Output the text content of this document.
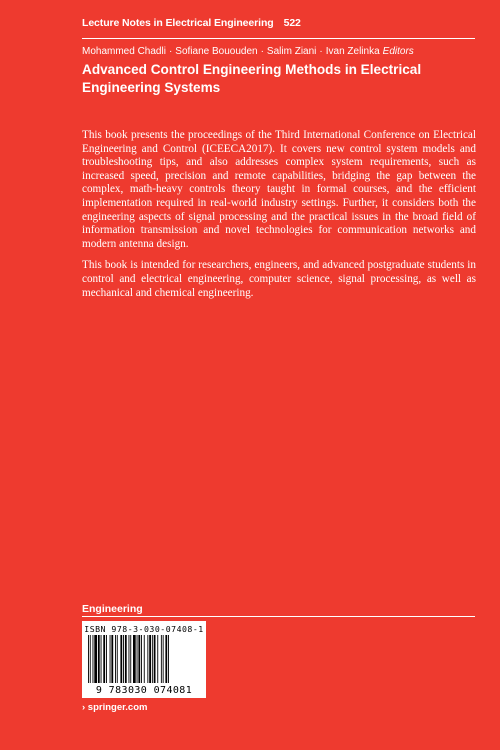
Lecture Notes in Electrical Engineering 522
Mohammed Chadli · Sofiane Bououden · Salim Ziani · Ivan Zelinka Editors
Advanced Control Engineering Methods in Electrical Engineering Systems

This book presents the proceedings of the Third International Conference on Electrical Engineering and Control (ICEECA2017). It covers new control system models and troubleshooting tips, and also addresses complex system requirements, such as increased speed, precision and remote capabilities, bridging the gap between the complex, math-heavy controls theory taught in formal courses, and the efficient implementation required in real-world industry settings. Further, it considers both the engineering aspects of signal processing and the practical issues in the broad field of information transmission and novel technologies for communication networks and modern antenna design.

This book is intended for researchers, engineers, and advanced postgraduate students in control and electrical engineering, computer science, signal processing, as well as mechanical and chemical engineering.

Engineering
ISBN 978-3-030-07408-1
9 783030 074081
› springer.com
